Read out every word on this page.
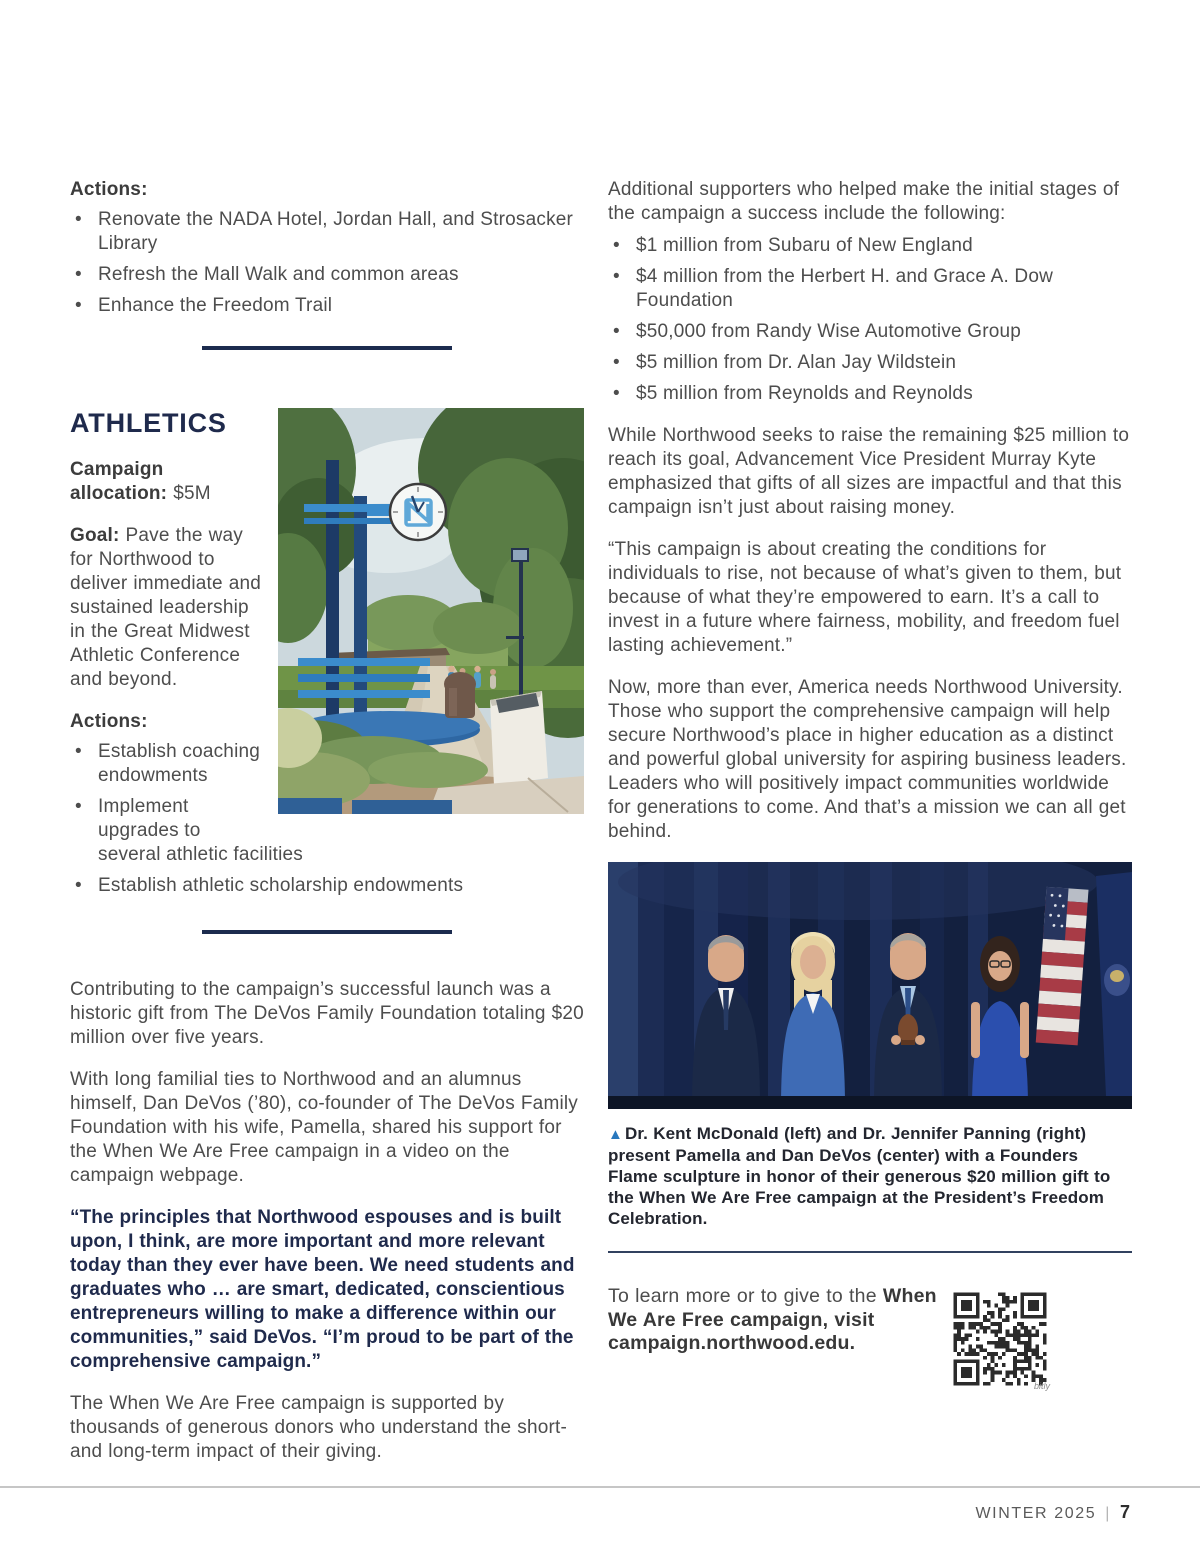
Actions:
• Renovate the NADA Hotel, Jordan Hall, and Strosacker Library
• Refresh the Mall Walk and common areas
• Enhance the Freedom Trail
ATHLETICS

Campaign allocation: $5M

Goal: Pave the way for Northwood to deliver immediate and sustained leadership in the Great Midwest Athletic Conference and beyond.

Actions:
• Establish coaching endowments
• Implement upgrades to several athletic facilities
• Establish athletic scholarship endowments

Contributing to the campaign’s successful launch was a historic gift from The DeVos Family Foundation totaling $20 million over five years.

With long familial ties to Northwood and an alumnus himself, Dan DeVos (’80), co-founder of The DeVos Family Foundation with his wife, Pamella, shared his support for the When We Are Free campaign in a video on the campaign webpage.

“The principles that Northwood espouses and is built upon, I think, are more important and more relevant today than they ever have been. We need students and graduates who … are smart, dedicated, conscientious entrepreneurs willing to make a difference within our communities,” said DeVos. “I’m proud to be part of the comprehensive campaign.”

The When We Are Free campaign is supported by thousands of generous donors who understand the short- and long-term impact of their giving.

Additional supporters who helped make the initial stages of the campaign a success include the following:

• $1 million from Subaru of New England
• $4 million from the Herbert H. and Grace A. Dow Foundation
• $50,000 from Randy Wise Automotive Group
• $5 million from Dr. Alan Jay Wildstein
• $5 million from Reynolds and Reynolds

While Northwood seeks to raise the remaining $25 million to reach its goal, Advancement Vice President Murray Kyte emphasized that gifts of all sizes are impactful and that this campaign isn’t just about raising money.

“This campaign is about creating the conditions for individuals to rise, not because of what’s given to them, but because of what they’re empowered to earn. It’s a call to invest in a future where fairness, mobility, and freedom fuel lasting achievement.”

Now, more than ever, America needs Northwood University. Those who support the comprehensive campaign will help secure Northwood’s place in higher education as a distinct and powerful global university for aspiring business leaders. Leaders who will positively impact communities worldwide for generations to come. And that’s a mission we can all get behind.

▲ Dr. Kent McDonald (left) and Dr. Jennifer Panning (right) present Pamella and Dan DeVos (center) with a Founders Flame sculpture in honor of their generous $20 million gift to the When We Are Free campaign at the President’s Freedom Celebration.

To learn more or to give to the When We Are Free campaign, visit campaign.northwood.edu.

bitly
WINTER 2025 | 7
